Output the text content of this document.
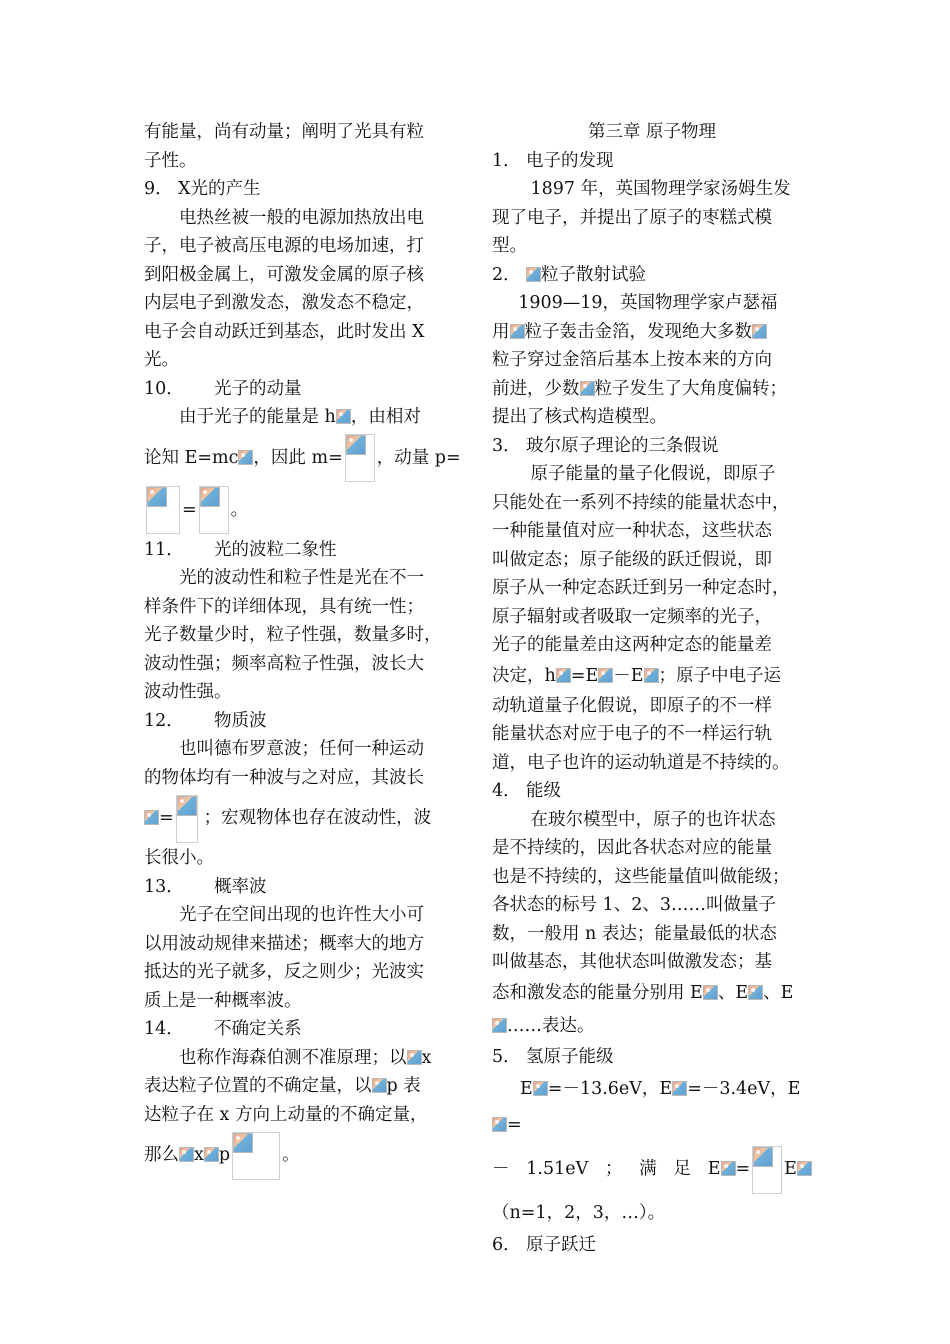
有能量，尚有动量；阐明了光具有粒

子性。

9． X光的产生

电热丝被一般的电源加热放出电

子，电子被高压电源的电场加速，打

到阳极金属上，可激发金属的原子核

内层电子到激发态，激发态不稳定，

电子会自动跃迁到基态，此时发出 X

光。

10． 光子的动量

由于光子的能量是 h ，由相对

论知 E=mc ，因此 m= ，动量 p=

= 。

11． 光的波粒二象性

光的波动性和粒子性是光在不一

样条件下的详细体现，具有统一性；

光子数量少时，粒子性强，数量多时，

波动性强；频率高粒子性强，波长大

波动性强。

12． 物质波

也叫德布罗意波；任何一种运动

的物体均有一种波与之对应，其波长

= ；宏观物体也存在波动性，波

长很小。

13． 概率波

光子在空间出现的也许性大小可

以用波动规律来描述；概率大的地方

抵达的光子就多，反之则少；光波实

质上是一种概率波。

14． 不确定关系

也称作海森伯测不准原理；以 x

表达粒子位置的不确定量，以 p 表

达粒子在 x 方向上动量的不确定量，

那么 x p	。

第三章 原子物理

1． 电子的发现

1897 年，英国物理学家汤姆生发

现了电子，并提出了原子的枣糕式模

型。

2． 粒子散射试验

1909—19，英国物理学家卢瑟福

用 粒子轰击金箔，发现绝大多数

粒子穿过金箔后基本上按本来的方向

前进，少数 粒子发生了大角度偏转；

提出了核式构造模型。

3． 玻尔原子理论的三条假说

原子能量的量子化假说，即原子

只能处在一系列不持续的能量状态中，

一种能量值对应一种状态，这些状态

叫做定态；原子能级的跃迁假说，即

原子从一种定态跃迁到另一种定态时，

原子辐射或者吸取一定频率的光子，

光子的能量差由这两种定态的能量差

决定，h =E －E ；原子中电子运

动轨道量子化假说，即原子的不一样

能量状态对应于电子的不一样运行轨

道，电子也许的运动轨道是不持续的。

4． 能级

在玻尔模型中，原子的也许状态

是不持续的，因此各状态对应的能量

也是不持续的，这些能量值叫做能级；

各状态的标号 1、2、3……叫做量子

数，一般用 n 表达；能量最低的状态

叫做基态，其他状态叫做激发态；基

态和激发态的能量分别用 E 、E 、E

……表达。

5． 氢原子能级

E =－13.6eV，E =－3.4eV，E=

－ 1.51eV ； 满 足 E = E

（n=1，2，3，…）。

6． 原子跃迁
